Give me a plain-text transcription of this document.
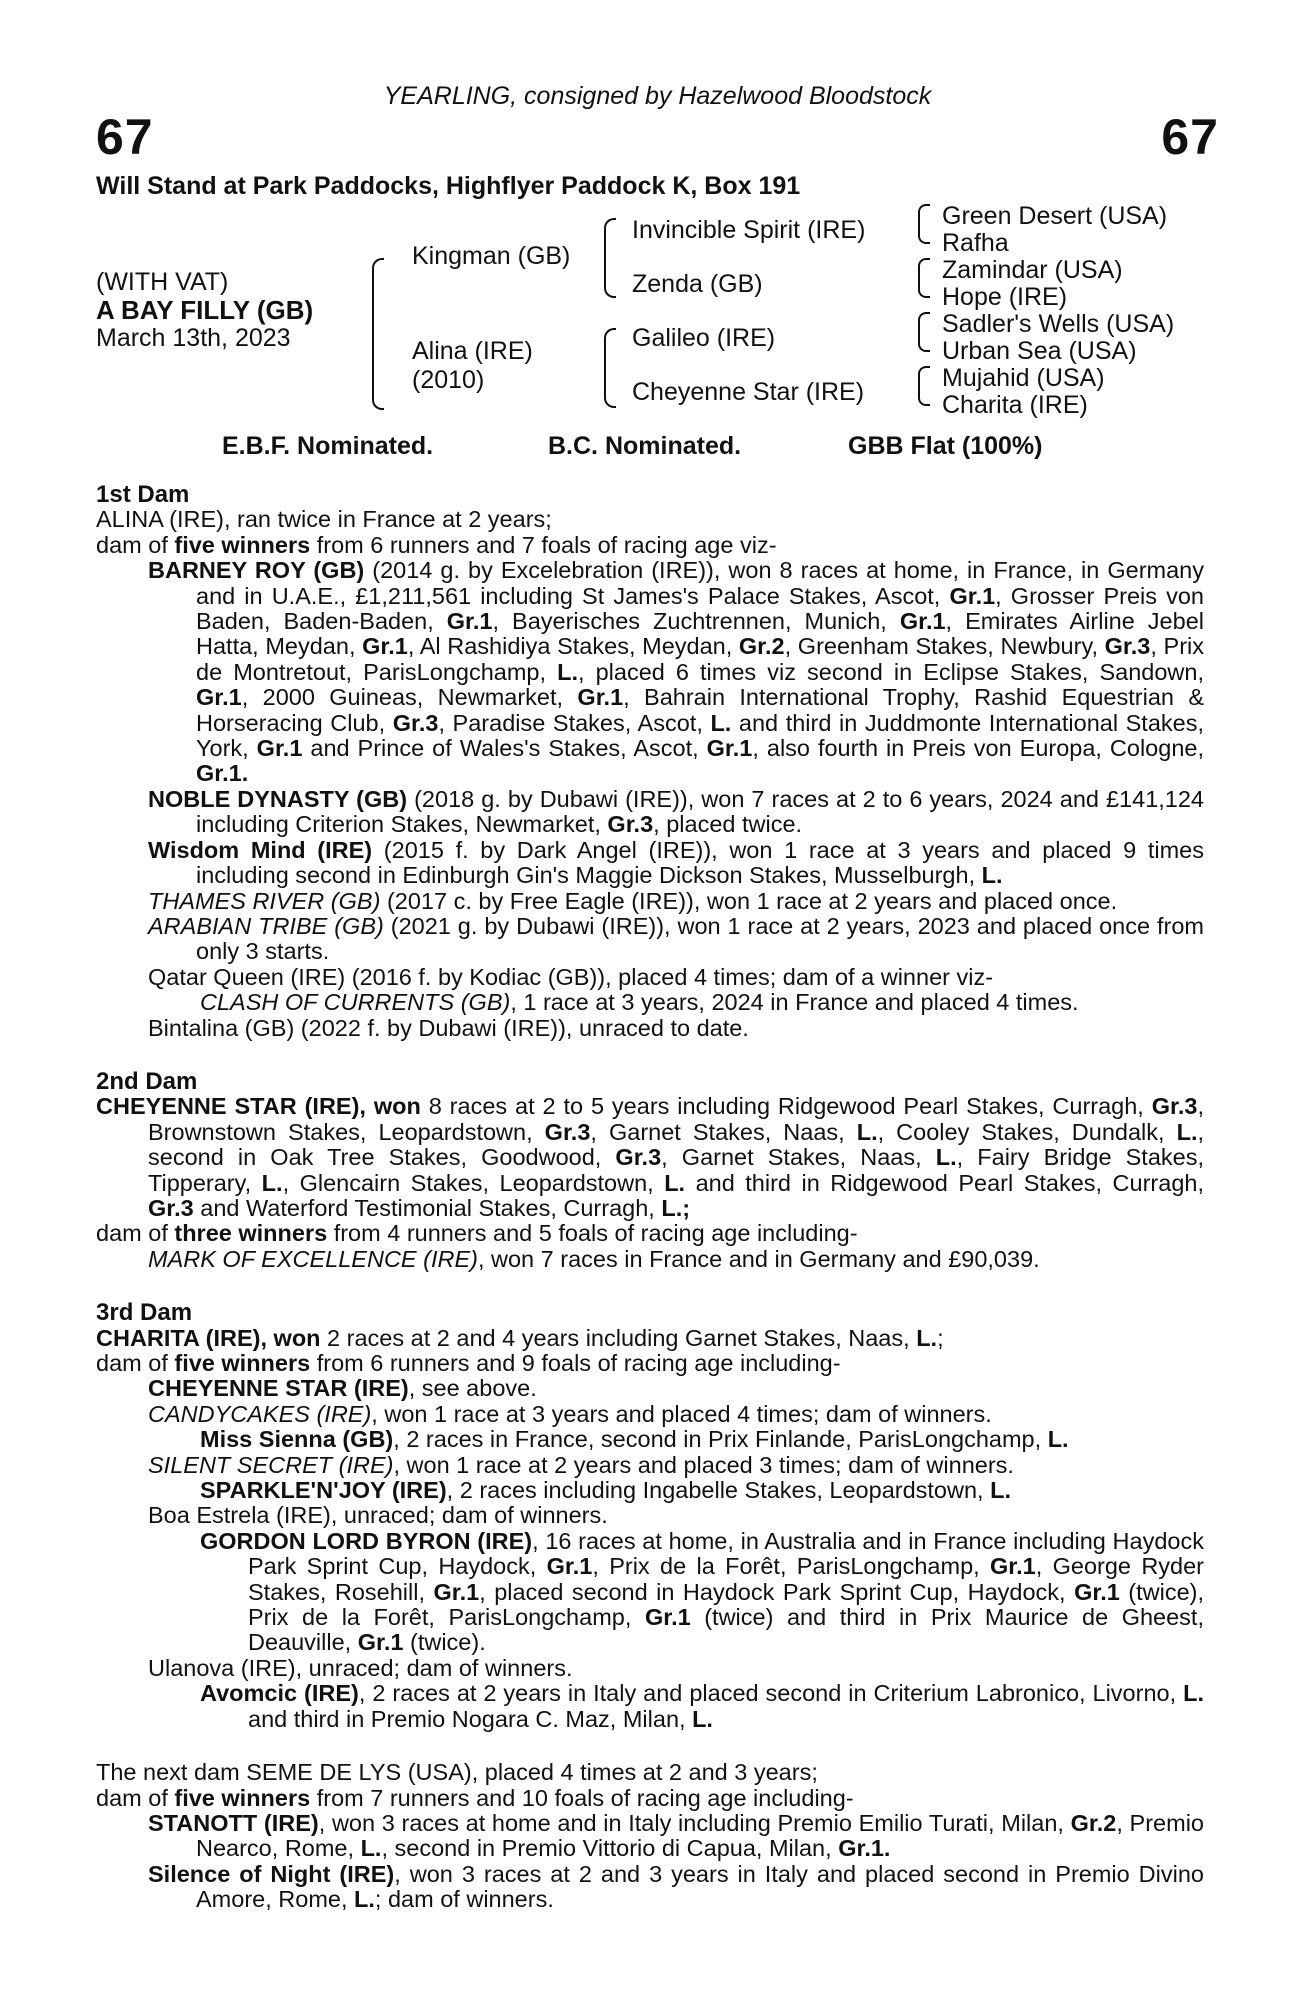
67	67
YEARLING, consigned by Hazelwood Bloodstock
Will Stand at Park Paddocks, Highflyer Paddock K, Box 191
(WITH VAT)
A BAY FILLY (GB)
March 13th, 2023
Kingman (GB)
Alina (IRE)
(2010)
Invincible Spirit (IRE)
Zenda (GB)
Galileo (IRE)
Cheyenne Star (IRE)
Green Desert (USA)
Rafha
Zamindar (USA)
Hope (IRE)
Sadler's Wells (USA)
Urban Sea (USA)
Mujahid (USA)
Charita (IRE)
E.B.F. Nominated.	B.C. Nominated.	GBB Flat (100%)

1st Dam

ALINA (IRE), ran twice in France at 2 years;

dam of five winners from 6 runners and 7 foals of racing age viz-

BARNEY ROY (GB) (2014 g. by Excelebration (IRE)), won 8 races at home, in France, in Germany and in U.A.E., £1,211,561 including St James's Palace Stakes, Ascot, Gr.1, Grosser Preis von Baden, Baden-Baden, Gr.1, Bayerisches Zuchtrennen, Munich, Gr.1, Emirates Airline Jebel Hatta, Meydan, Gr.1, Al Rashidiya Stakes, Meydan, Gr.2, Greenham Stakes, Newbury, Gr.3, Prix de Montretout, ParisLongchamp, L., placed 6 times viz second in Eclipse Stakes, Sandown, Gr.1, 2000 Guineas, Newmarket, Gr.1, Bahrain International Trophy, Rashid Equestrian & Horseracing Club, Gr.3, Paradise Stakes, Ascot, L. and third in Juddmonte International Stakes, York, Gr.1 and Prince of Wales's Stakes, Ascot, Gr.1, also fourth in Preis von Europa, Cologne, Gr.1.

NOBLE DYNASTY (GB) (2018 g. by Dubawi (IRE)), won 7 races at 2 to 6 years, 2024 and £141,124 including Criterion Stakes, Newmarket, Gr.3, placed twice.

Wisdom Mind (IRE) (2015 f. by Dark Angel (IRE)), won 1 race at 3 years and placed 9 times including second in Edinburgh Gin's Maggie Dickson Stakes, Musselburgh, L.

THAMES RIVER (GB) (2017 c. by Free Eagle (IRE)), won 1 race at 2 years and placed once.

ARABIAN TRIBE (GB) (2021 g. by Dubawi (IRE)), won 1 race at 2 years, 2023 and placed once from only 3 starts.

Qatar Queen (IRE) (2016 f. by Kodiac (GB)), placed 4 times; dam of a winner viz-

CLASH OF CURRENTS (GB), 1 race at 3 years, 2024 in France and placed 4 times.

Bintalina (GB) (2022 f. by Dubawi (IRE)), unraced to date.

2nd Dam

CHEYENNE STAR (IRE), won 8 races at 2 to 5 years including Ridgewood Pearl Stakes, Curragh, Gr.3, Brownstown Stakes, Leopardstown, Gr.3, Garnet Stakes, Naas, L., Cooley Stakes, Dundalk, L., second in Oak Tree Stakes, Goodwood, Gr.3, Garnet Stakes, Naas, L., Fairy Bridge Stakes, Tipperary, L., Glencairn Stakes, Leopardstown, L. and third in Ridgewood Pearl Stakes, Curragh, Gr.3 and Waterford Testimonial Stakes, Curragh, L.;

dam of three winners from 4 runners and 5 foals of racing age including-

MARK OF EXCELLENCE (IRE), won 7 races in France and in Germany and £90,039.

3rd Dam

CHARITA (IRE), won 2 races at 2 and 4 years including Garnet Stakes, Naas, L.;

dam of five winners from 6 runners and 9 foals of racing age including-

CHEYENNE STAR (IRE), see above.

CANDYCAKES (IRE), won 1 race at 3 years and placed 4 times; dam of winners.

Miss Sienna (GB), 2 races in France, second in Prix Finlande, ParisLongchamp, L.

SILENT SECRET (IRE), won 1 race at 2 years and placed 3 times; dam of winners.

SPARKLE'N'JOY (IRE), 2 races including Ingabelle Stakes, Leopardstown, L.

Boa Estrela (IRE), unraced; dam of winners.

GORDON LORD BYRON (IRE), 16 races at home, in Australia and in France including Haydock Park Sprint Cup, Haydock, Gr.1, Prix de la Forêt, ParisLongchamp, Gr.1, George Ryder Stakes, Rosehill, Gr.1, placed second in Haydock Park Sprint Cup, Haydock, Gr.1 (twice), Prix de la Forêt, ParisLongchamp, Gr.1 (twice) and third in Prix Maurice de Gheest, Deauville, Gr.1 (twice).

Ulanova (IRE), unraced; dam of winners.

Avomcic (IRE), 2 races at 2 years in Italy and placed second in Criterium Labronico, Livorno, L. and third in Premio Nogara C. Maz, Milan, L.

The next dam SEME DE LYS (USA), placed 4 times at 2 and 3 years;

dam of five winners from 7 runners and 10 foals of racing age including-

STANOTT (IRE), won 3 races at home and in Italy including Premio Emilio Turati, Milan, Gr.2, Premio Nearco, Rome, L., second in Premio Vittorio di Capua, Milan, Gr.1.

Silence of Night (IRE), won 3 races at 2 and 3 years in Italy and placed second in Premio Divino Amore, Rome, L.; dam of winners.
